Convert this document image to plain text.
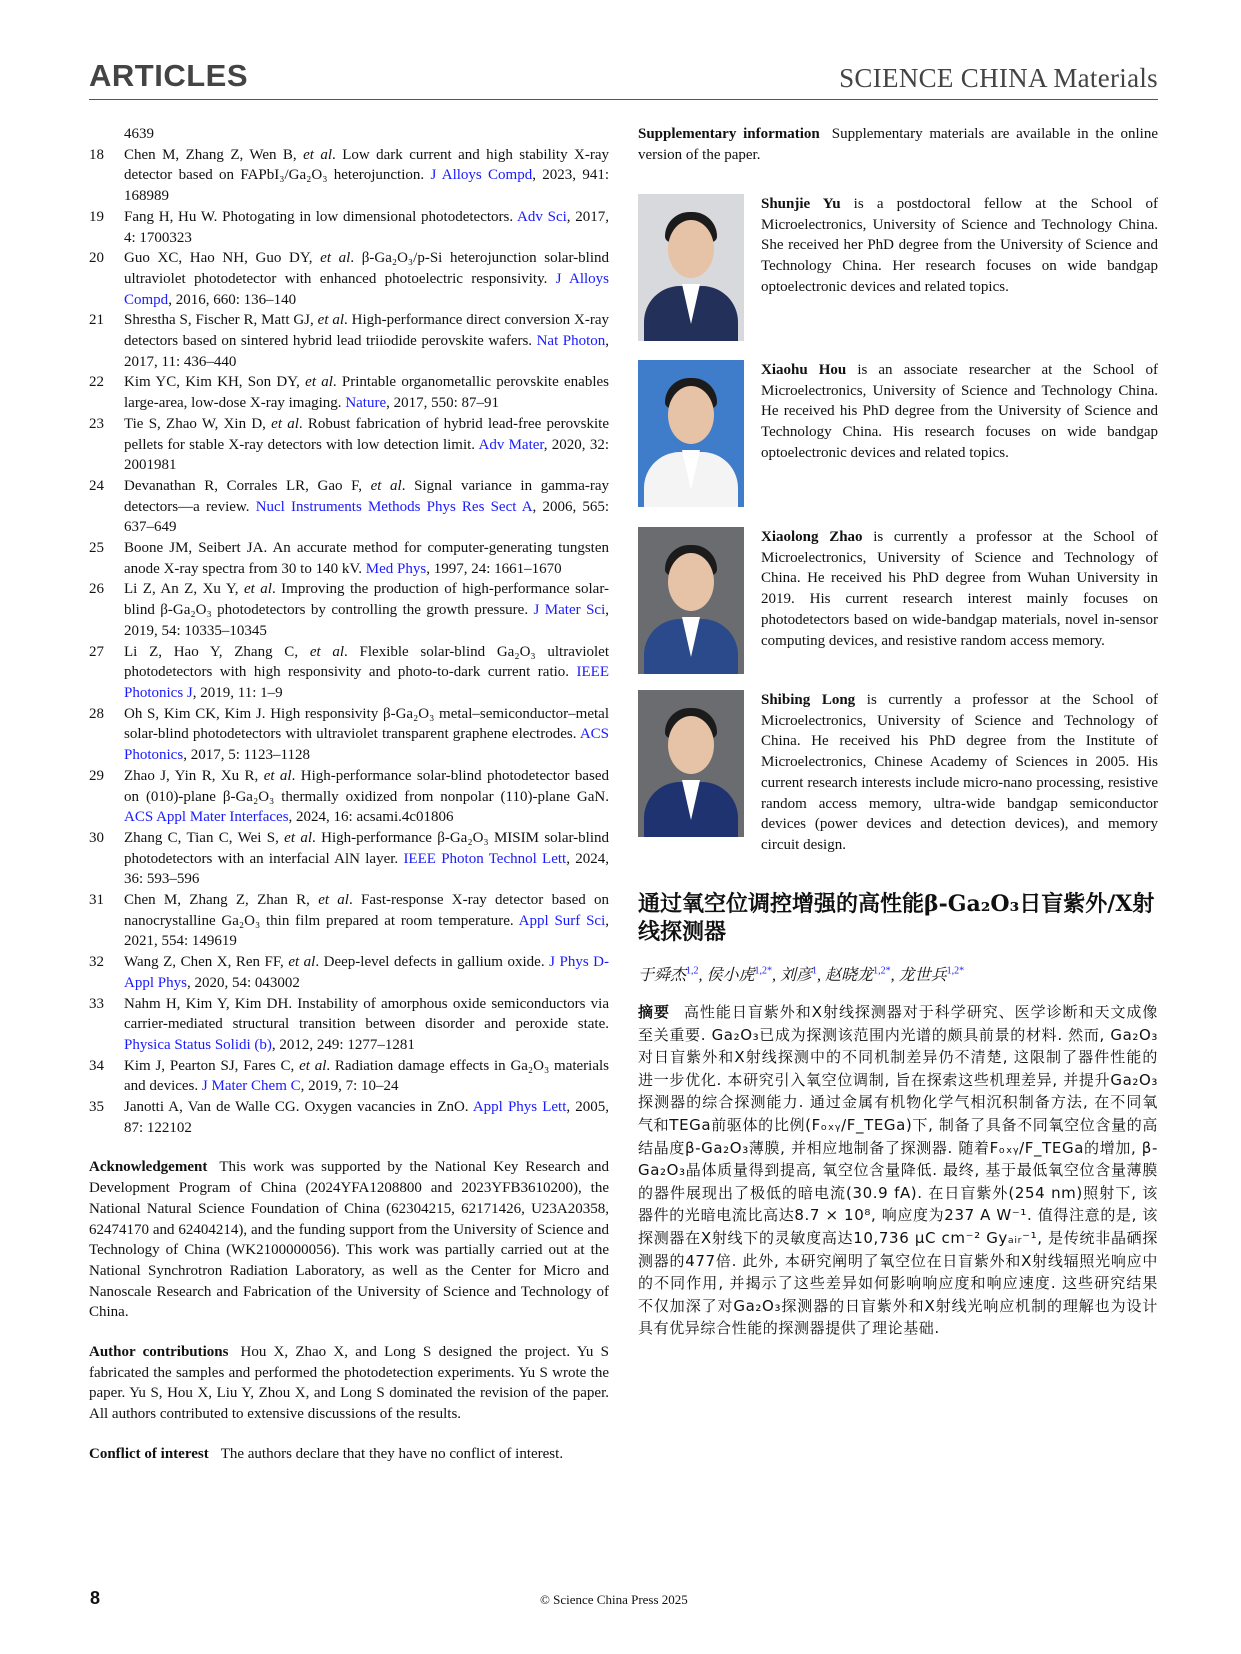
ARTICLES	SCIENCE CHINA Materials
4639
18	Chen M, Zhang Z, Wen B, et al. Low dark current and high stability X-ray detector based on FAPbI₃/Ga₂O₃ heterojunction. J Alloys Compd, 2023, 941: 168989
19	Fang H, Hu W. Photogating in low dimensional photodetectors. Adv Sci, 2017, 4: 1700323
20	Guo XC, Hao NH, Guo DY, et al. β-Ga₂O₃/p-Si heterojunction solar-blind ultraviolet photodetector with enhanced photoelectric responsivity. J Alloys Compd, 2016, 660: 136–140
21	Shrestha S, Fischer R, Matt GJ, et al. High-performance direct conversion X-ray detectors based on sintered hybrid lead triiodide perovskite wafers. Nat Photon, 2017, 11: 436–440
22	Kim YC, Kim KH, Son DY, et al. Printable organometallic perovskite enables large-area, low-dose X-ray imaging. Nature, 2017, 550: 87–91
23	Tie S, Zhao W, Xin D, et al. Robust fabrication of hybrid lead-free perovskite pellets for stable X-ray detectors with low detection limit. Adv Mater, 2020, 32: 2001981
24	Devanathan R, Corrales LR, Gao F, et al. Signal variance in gamma-ray detectors—a review. Nucl Instruments Methods Phys Res Sect A, 2006, 565: 637–649
25	Boone JM, Seibert JA. An accurate method for computer-generating tungsten anode X-ray spectra from 30 to 140 kV. Med Phys, 1997, 24: 1661–1670
26	Li Z, An Z, Xu Y, et al. Improving the production of high-performance solar-blind β-Ga₂O₃ photodetectors by controlling the growth pressure. J Mater Sci, 2019, 54: 10335–10345
27	Li Z, Hao Y, Zhang C, et al. Flexible solar-blind Ga₂O₃ ultraviolet photodetectors with high responsivity and photo-to-dark current ratio. IEEE Photonics J, 2019, 11: 1–9
28	Oh S, Kim CK, Kim J. High responsivity β-Ga₂O₃ metal–semiconductor–metal solar-blind photodetectors with ultraviolet transparent graphene electrodes. ACS Photonics, 2017, 5: 1123–1128
29	Zhao J, Yin R, Xu R, et al. High-performance solar-blind photodetector based on (010)-plane β-Ga₂O₃ thermally oxidized from nonpolar (110)-plane GaN. ACS Appl Mater Interfaces, 2024, 16: acsami.4c01806
30	Zhang C, Tian C, Wei S, et al. High-performance β-Ga₂O₃ MISIM solar-blind photodetectors with an interfacial AlN layer. IEEE Photon Technol Lett, 2024, 36: 593–596
31	Chen M, Zhang Z, Zhan R, et al. Fast-response X-ray detector based on nanocrystalline Ga₂O₃ thin film prepared at room temperature. Appl Surf Sci, 2021, 554: 149619
32	Wang Z, Chen X, Ren FF, et al. Deep-level defects in gallium oxide. J Phys D-Appl Phys, 2020, 54: 043002
33	Nahm H, Kim Y, Kim DH. Instability of amorphous oxide semiconductors via carrier-mediated structural transition between disorder and peroxide state. Physica Status Solidi (b), 2012, 249: 1277–1281
34	Kim J, Pearton SJ, Fares C, et al. Radiation damage effects in Ga₂O₃ materials and devices. J Mater Chem C, 2019, 7: 10–24
35	Janotti A, Van de Walle CG. Oxygen vacancies in ZnO. Appl Phys Lett, 2005, 87: 122102

Acknowledgement This work was supported by the National Key Research and Development Program of China (2024YFA1208800 and 2023YFB3610200), the National Natural Science Foundation of China (62304215, 62171426, U23A20358, 62474170 and 62404214), and the funding support from the University of Science and Technology of China (WK2100000056). This work was partially carried out at the National Synchrotron Radiation Laboratory, as well as the Center for Micro and Nanoscale Research and Fabrication of the University of Science and Technology of China.

Author contributions Hou X, Zhao X, and Long S designed the project. Yu S fabricated the samples and performed the photodetection experiments. Yu S wrote the paper. Yu S, Hou X, Liu Y, Zhou X, and Long S dominated the revision of the paper. All authors contributed to extensive discussions of the results.

Conflict of interest The authors declare that they have no conflict of interest.

Supplementary information Supplementary materials are available in the online version of the paper.
Shunjie Yu is a postdoctoral fellow at the School of Microelectronics, University of Science and Technology China. She received her PhD degree from the University of Science and Technology China. Her research focuses on wide bandgap optoelectronic devices and related topics.
Xiaohu Hou is an associate researcher at the School of Microelectronics, University of Science and Technology China. He received his PhD degree from the University of Science and Technology China. His research focuses on wide bandgap optoelectronic devices and related topics.
Xiaolong Zhao is currently a professor at the School of Microelectronics, University of Science and Technology of China. He received his PhD degree from Wuhan University in 2019. His current research interest mainly focuses on photodetectors based on wide-bandgap materials, novel in-sensor computing devices, and resistive random access memory.
Shibing Long is currently a professor at the School of Microelectronics, University of Science and Technology of China. He received his PhD degree from the Institute of Microelectronics, Chinese Academy of Sciences in 2005. His current research interests include micro-nano processing, resistive random access memory, ultra-wide bandgap semiconductor devices (power devices and detection devices), and memory circuit design.
通过氧空位调控增强的高性能β-Ga₂O₃日盲紫外/X射线探测器
于舜杰$^{1,2}$, 侯小虎$^{1,2*}$, 刘彦$^1$, 赵晓龙$^{1,2*}$, 龙世兵$^{1,2*}$
摘要 高性能日盲紫外和X射线探测器对于科学研究、医学诊断和天文成像至关重要. Ga₂O₃已成为探测该范围内光谱的颇具前景的材料. 然而, Ga₂O₃对日盲紫外和X射线探测中的不同机制差异仍不清楚, 这限制了器件性能的进一步优化. 本研究引入氧空位调制, 旨在探索这些机理差异, 并提升Ga₂O₃探测器的综合探测能力. 通过金属有机物化学气相沉积制备方法, 在不同氧气和TEGa前驱体的比例(Fₒₓᵧ/F_TEGa)下, 制备了具备不同氧空位含量的高结晶度β-Ga₂O₃薄膜, 并相应地制备了探测器. 随着Fₒₓᵧ/F_TEGa的增加, β-Ga₂O₃晶体质量得到提高, 氧空位含量降低. 最终, 基于最低氧空位含量薄膜的器件展现出了极低的暗电流(30.9 fA). 在日盲紫外(254 nm)照射下, 该器件的光暗电流比高达8.7 × 10⁸, 响应度为237 A W⁻¹. 值得注意的是, 该探测器在X射线下的灵敏度高达10,736 μC cm⁻² Gyₐᵢᵣ⁻¹, 是传统非晶硒探测器的477倍. 此外, 本研究阐明了氧空位在日盲紫外和X射线辐照光响应中的不同作用, 并揭示了这些差异如何影响响应度和响应速度. 这些研究结果不仅加深了对Ga₂O₃探测器的日盲紫外和X射线光响应机制的理解也为设计具有优异综合性能的探测器提供了理论基础.
8	© Science China Press 2025
